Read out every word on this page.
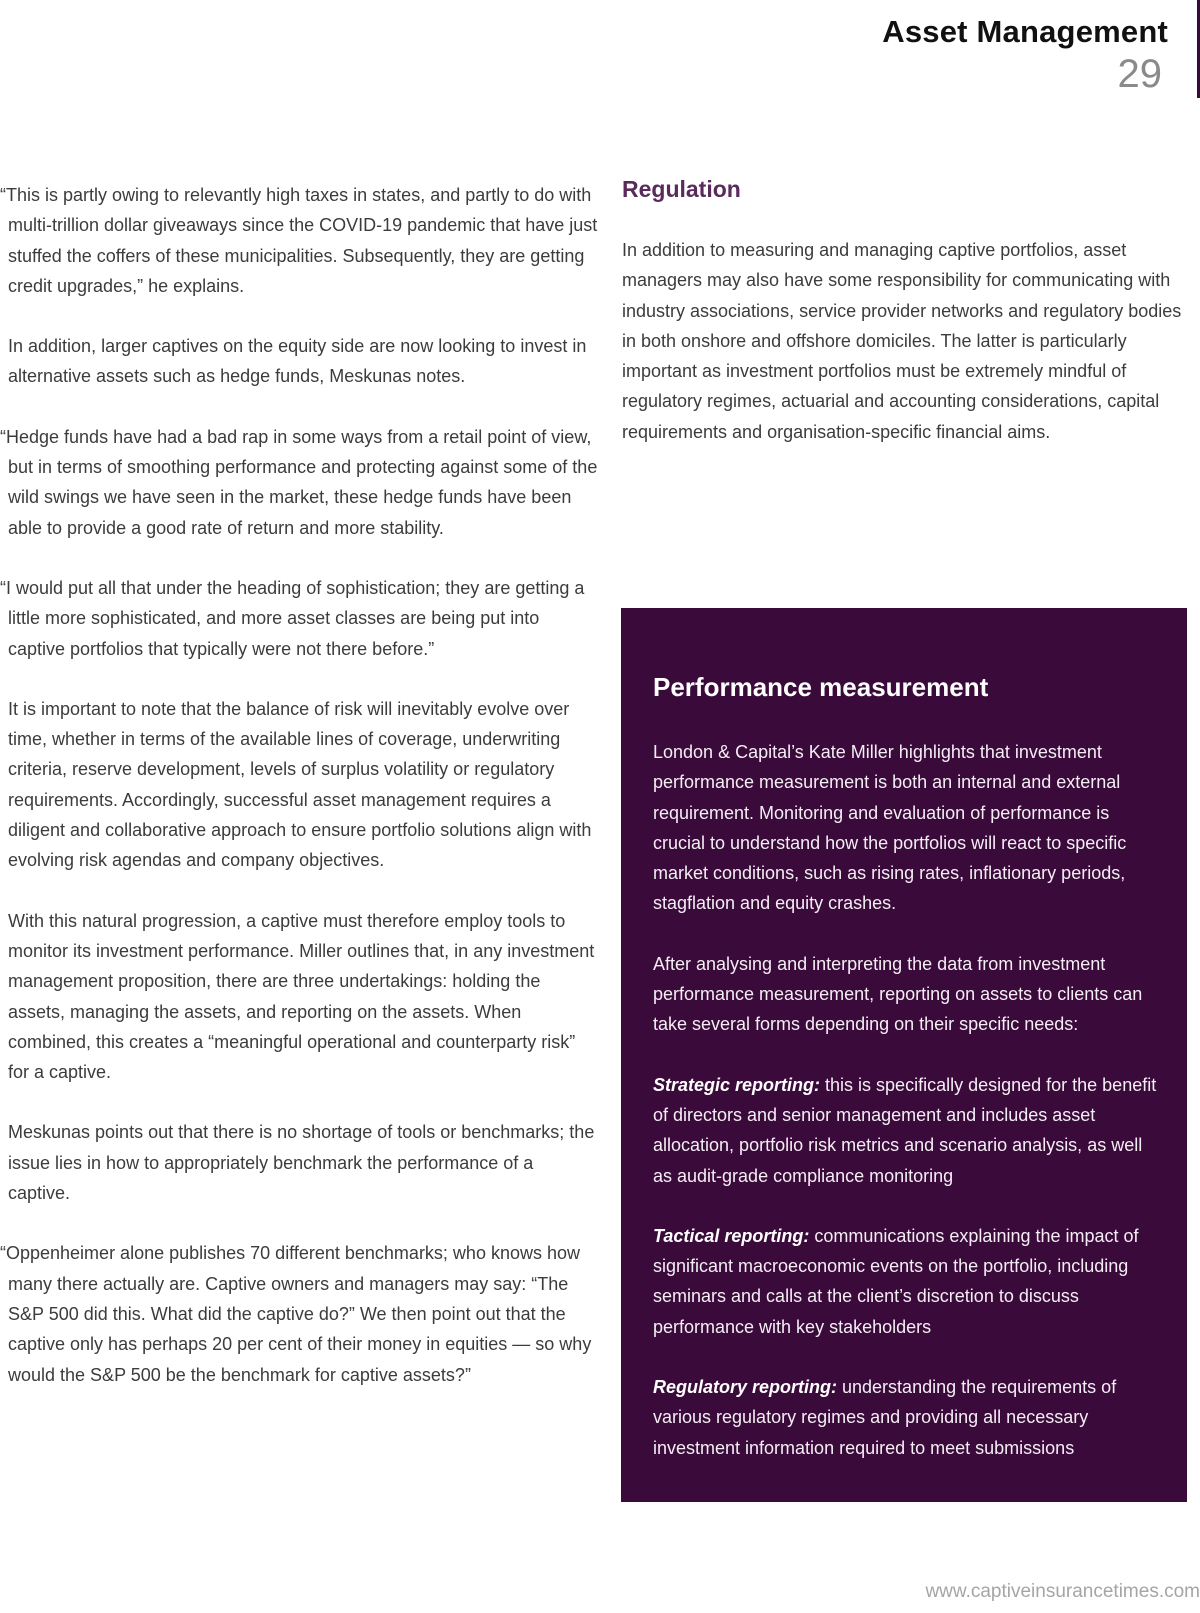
Asset Management
29

“This is partly owing to relevantly high taxes in states, and partly to do with multi-trillion dollar giveaways since the COVID-19 pandemic that have just stuffed the coffers of these municipalities. Subsequently, they are getting credit upgrades,” he explains.

In addition, larger captives on the equity side are now looking to invest in alternative assets such as hedge funds, Meskunas notes.

“Hedge funds have had a bad rap in some ways from a retail point of view, but in terms of smoothing performance and protecting against some of the wild swings we have seen in the market, these hedge funds have been able to provide a good rate of return and more stability.

“I would put all that under the heading of sophistication; they are getting a little more sophisticated, and more asset classes are being put into captive portfolios that typically were not there before.”

It is important to note that the balance of risk will inevitably evolve over time, whether in terms of the available lines of coverage, underwriting criteria, reserve development, levels of surplus volatility or regulatory requirements. Accordingly, successful asset management requires a diligent and collaborative approach to ensure portfolio solutions align with evolving risk agendas and company objectives.

With this natural progression, a captive must therefore employ tools to monitor its investment performance. Miller outlines that, in any investment management proposition, there are three undertakings: holding the assets, managing the assets, and reporting on the assets. When combined, this creates a “meaningful operational and counterparty risk” for a captive.

Meskunas points out that there is no shortage of tools or benchmarks; the issue lies in how to appropriately benchmark the performance of a captive.

“Oppenheimer alone publishes 70 different benchmarks; who knows how many there actually are. Captive owners and managers may say: “The S&P 500 did this. What did the captive do?” We then point out that the captive only has perhaps 20 per cent of their money in equities — so why would the S&P 500 be the benchmark for captive assets?”

Regulation

In addition to measuring and managing captive portfolios, asset managers may also have some responsibility for communicating with industry associations, service provider networks and regulatory bodies in both onshore and offshore domiciles. The latter is particularly important as investment portfolios must be extremely mindful of regulatory regimes, actuarial and accounting considerations, capital requirements and organisation-specific financial aims.

Performance measurement

London & Capital’s Kate Miller highlights that investment performance measurement is both an internal and external requirement. Monitoring and evaluation of performance is crucial to understand how the portfolios will react to specific market conditions, such as rising rates, inflationary periods, stagflation and equity crashes.

After analysing and interpreting the data from investment performance measurement, reporting on assets to clients can take several forms depending on their specific needs:

Strategic reporting: this is specifically designed for the benefit of directors and senior management and includes asset allocation, portfolio risk metrics and scenario analysis, as well as audit-grade compliance monitoring

Tactical reporting: communications explaining the impact of significant macroeconomic events on the portfolio, including seminars and calls at the client’s discretion to discuss performance with key stakeholders

Regulatory reporting: understanding the requirements of various regulatory regimes and providing all necessary investment information required to meet submissions

www.captiveinsurancetimes.com
